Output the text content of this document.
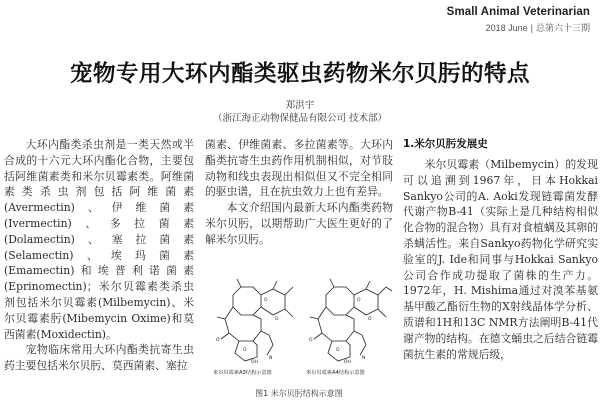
Small Animal Veterinarian
2018 June | 总第六十三期
宠物专用大环内酯类驱虫药物米尔贝肟的特点
郑洪宇
（浙江海正动物保健品有限公司 技术部）

大环内酯类杀虫剂是一类天然或半合成的十六元大环内酯化合物，主要包括阿维菌素类和米尔贝霉素类。阿维菌素类杀虫剂包括阿维菌素(Avermectin)、伊维菌素(Ivermectin)、多拉菌素(Dolamectin)、塞拉菌素(Selamectin)、埃玛菌素(Emamectin)和埃普利诺菌素(Eprinomectin)；米尔贝霉素类杀虫剂包括米尔贝霉素(Milbemycin)、米尔贝霉素肟(Mibemycin Oxime)和莫西菌素(Moxidectin)。

宠物临床常用大环内酯类抗寄生虫药主要包括米尔贝肟、莫西菌素、塞拉

菌素、伊维菌素、多拉菌素等。大环内酯类抗寄生虫药作用机制相似，对节肢动物和线虫表现出相似但又不完全相同的驱虫谱，且在抗虫效力上也有差异。

本文介绍国内最新大环内酯类药物米尔贝肟，以期帮助广大医生更好的了解米尔贝肟。

1.米尔贝肟发展史

米尔贝霉素（Milbemycin）的发现可以追溯到1967年，日本Hokkai Sankyo公司的A. Aoki发现链霉菌发酵代谢产物B-41（实际上是几种结构相似化合物的混合物）具有对食植螨及其卵的杀螨活性。来自Sankyo药物化学研究实验室的J. Ide和同事与Hokkai Sankyo公司合作成功提取了菌株的生产力。1972年，H. Mishima通过对溴苯基氨基甲酸乙酯衍生物的X射线晶体学分析、质谱和1H和13C NMR方法阐明B-41代谢产物的结构。在德文蛹虫之后结合链霉菌抗生素的常规后级，

O
O
O
O
OH
N
O
O
O
O
OH
N
米尔贝霉素A3结构示意图	米尔贝霉素A4结构示意图
图1 米尔贝肟结构示意图
